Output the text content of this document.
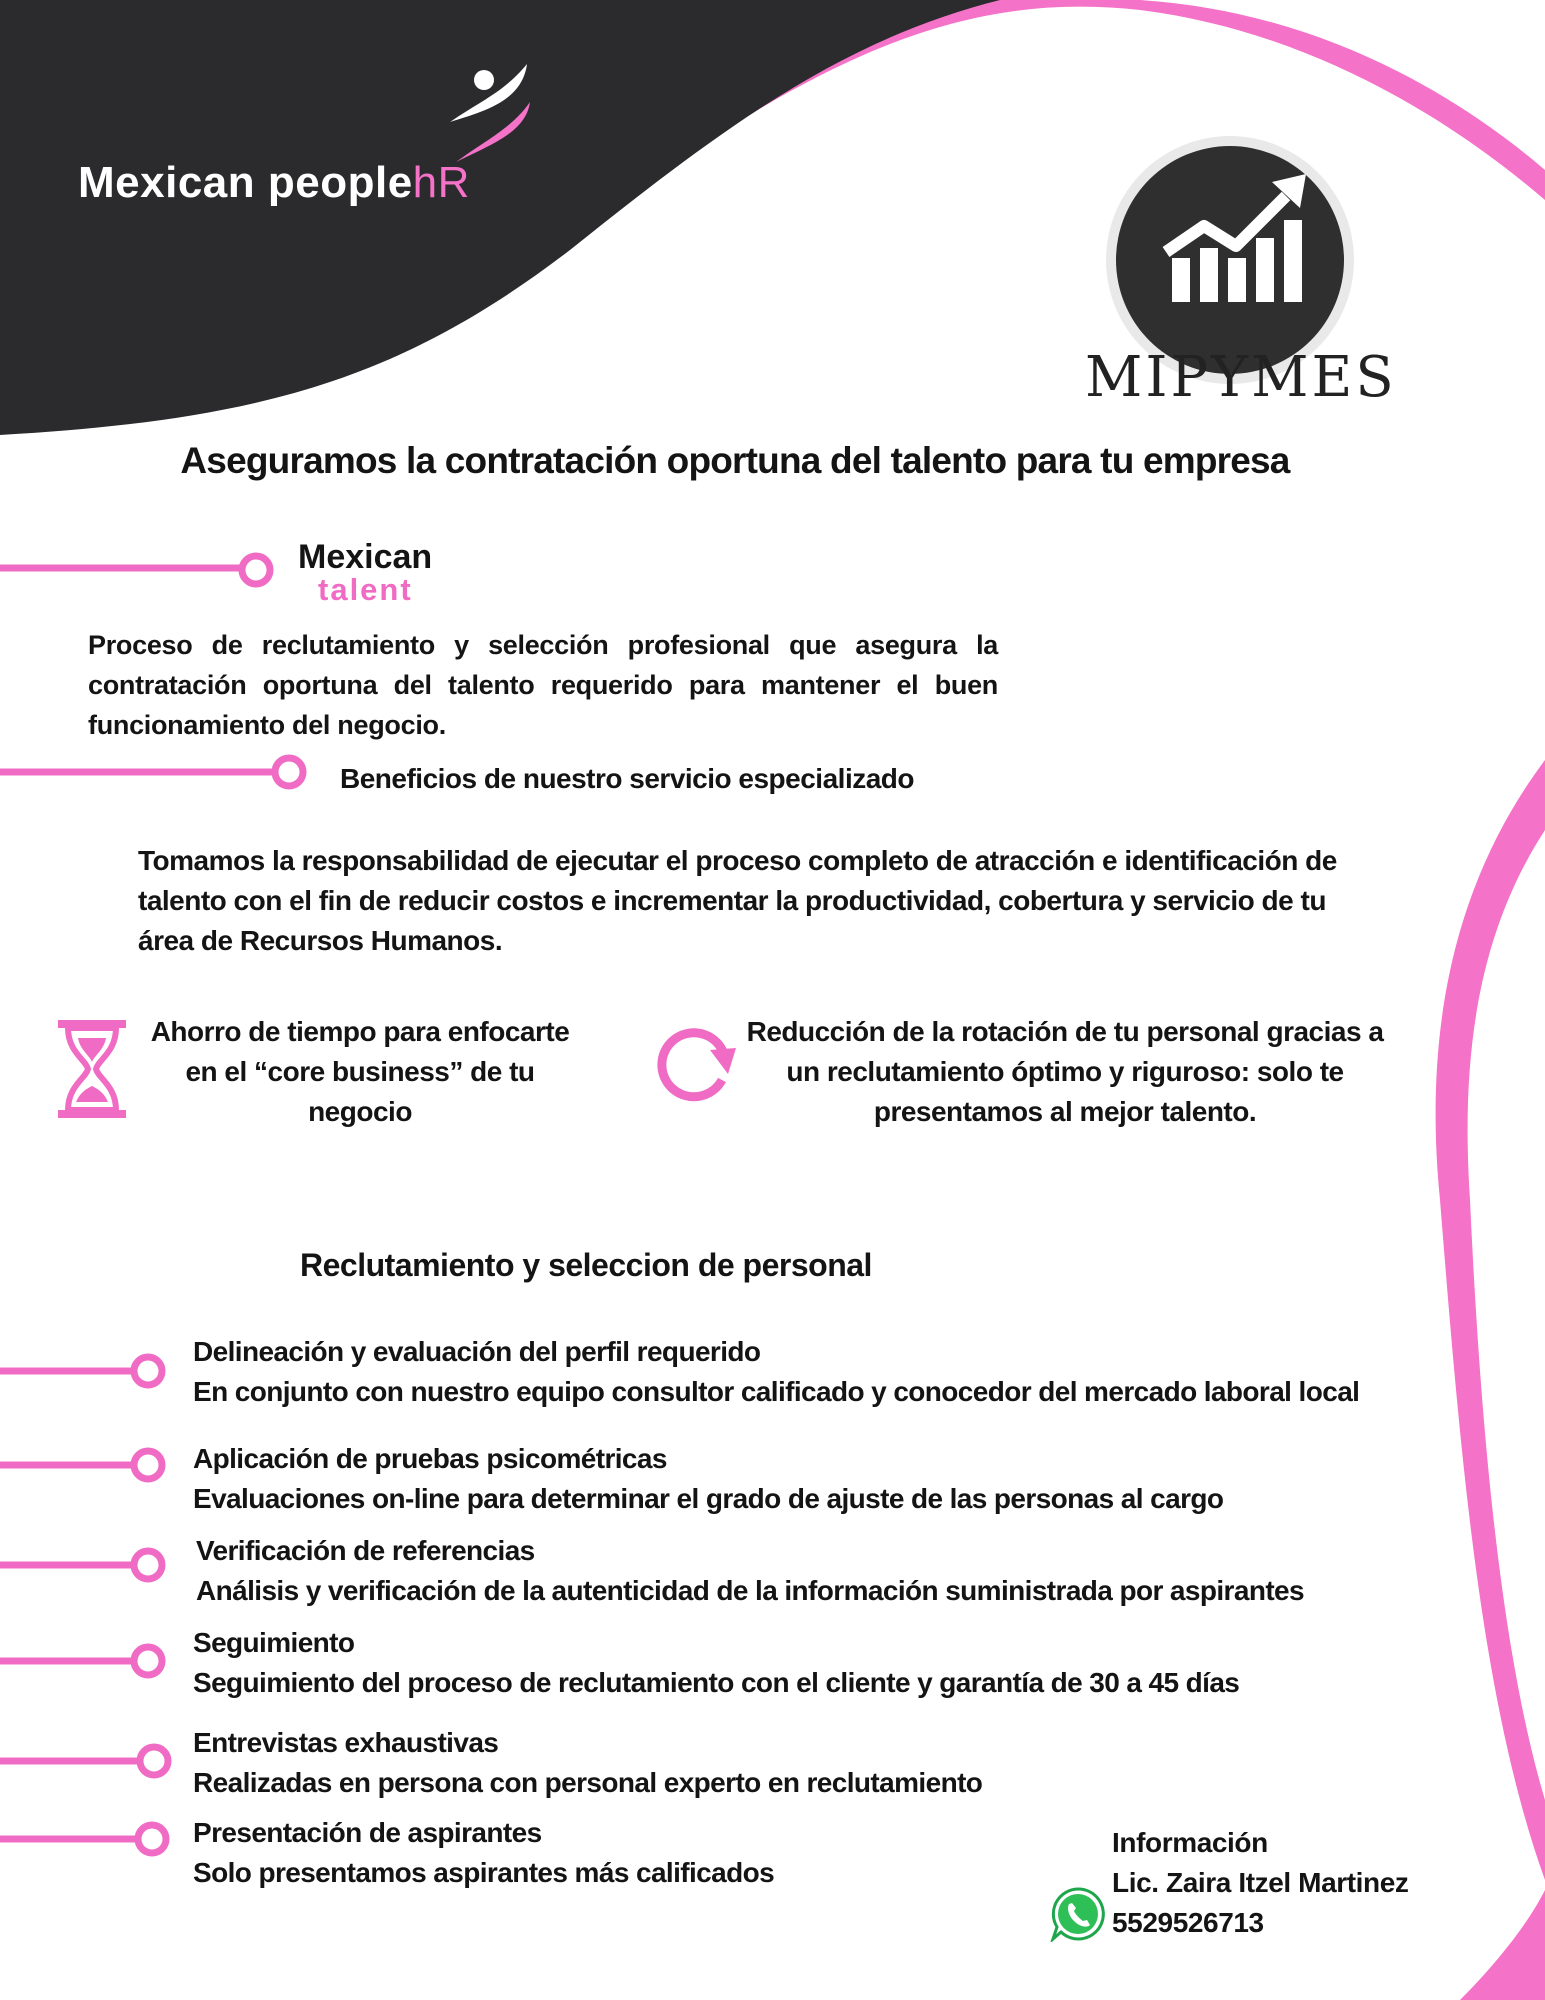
Mexican peoplehR
MIPYMES
Aseguramos la contratación oportuna del talento para tu empresa
Mexican
talent
Proceso de reclutamiento y selección profesional que asegura la contratación oportuna del talento requerido para mantener el buen funcionamiento del negocio.
Beneficios de nuestro servicio especializado
Tomamos la responsabilidad de ejecutar el proceso completo de atracción e identificación de talento con el fin de reducir costos e incrementar la productividad, cobertura y servicio de tu área de Recursos Humanos.
Ahorro de tiempo para enfocarte en el “core business” de tu negocio
Reducción de la rotación de tu personal gracias a un reclutamiento óptimo y riguroso: solo te presentamos al mejor talento.
Reclutamiento y seleccion de personal
Delineación y evaluación del perfil requerido
En conjunto con nuestro equipo consultor calificado y conocedor del mercado laboral local
Aplicación de pruebas psicométricas
Evaluaciones on-line para determinar el grado de ajuste de las personas al cargo
Verificación de referencias
Análisis y verificación de la autenticidad de la información suministrada por aspirantes
Seguimiento
Seguimiento del proceso de reclutamiento con el cliente y garantía de 30 a 45 días
Entrevistas exhaustivas
Realizadas en persona con personal experto en reclutamiento
Presentación de aspirantes
Solo presentamos aspirantes más calificados
Información
Lic. Zaira Itzel Martinez
5529526713
